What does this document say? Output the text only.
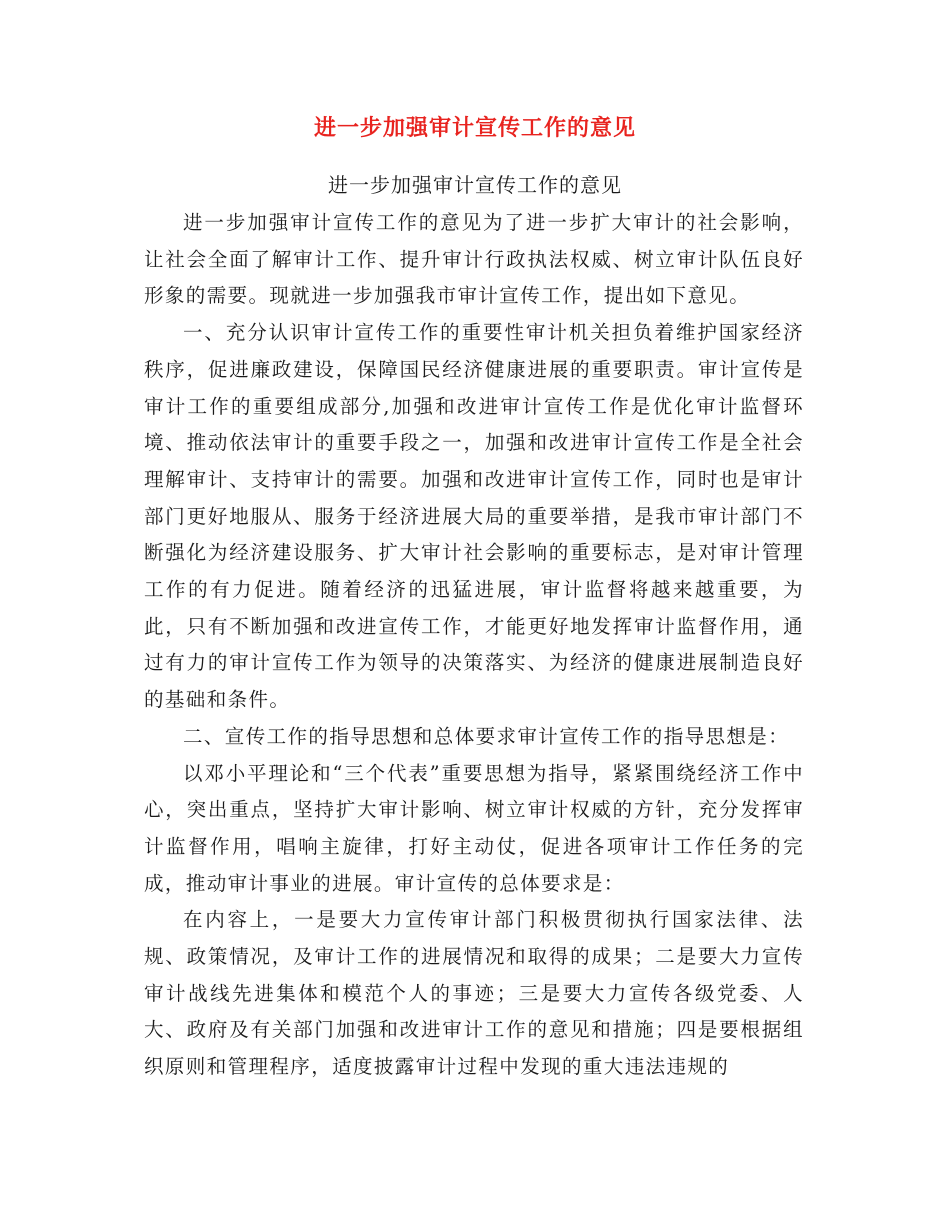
进一步加强审计宣传工作的意见
进一步加强审计宣传工作的意见

进一步加强审计宣传工作的意见为了进一步扩大审计的社会影响，让社会全面了解审计工作、提升审计行政执法权威、树立审计队伍良好形象的需要。现就进一步加强我市审计宣传工作，提出如下意见。

一、充分认识审计宣传工作的重要性审计机关担负着维护国家经济秩序，促进廉政建设，保障国民经济健康进展的重要职责。审计宣传是审计工作的重要组成部分,加强和改进审计宣传工作是优化审计监督环境、推动依法审计的重要手段之一，加强和改进审计宣传工作是全社会理解审计、支持审计的需要。加强和改进审计宣传工作，同时也是审计部门更好地服从、服务于经济进展大局的重要举措，是我市审计部门不断强化为经济建设服务、扩大审计社会影响的重要标志，是对审计管理工作的有力促进。随着经济的迅猛进展，审计监督将越来越重要，为此，只有不断加强和改进宣传工作，才能更好地发挥审计监督作用，通过有力的审计宣传工作为领导的决策落实、为经济的健康进展制造良好的基础和条件。

二、宣传工作的指导思想和总体要求审计宣传工作的指导思想是：

以邓小平理论和“三个代表”重要思想为指导，紧紧围绕经济工作中心，突出重点，坚持扩大审计影响、树立审计权威的方针，充分发挥审计监督作用，唱响主旋律，打好主动仗，促进各项审计工作任务的完成，推动审计事业的进展。审计宣传的总体要求是：

在内容上，一是要大力宣传审计部门积极贯彻执行国家法律、法规、政策情况，及审计工作的进展情况和取得的成果；二是要大力宣传审计战线先进集体和模范个人的事迹；三是要大力宣传各级党委、人大、政府及有关部门加强和改进审计工作的意见和措施；四是要根据组织原则和管理程序，适度披露审计过程中发现的重大违法违规的
